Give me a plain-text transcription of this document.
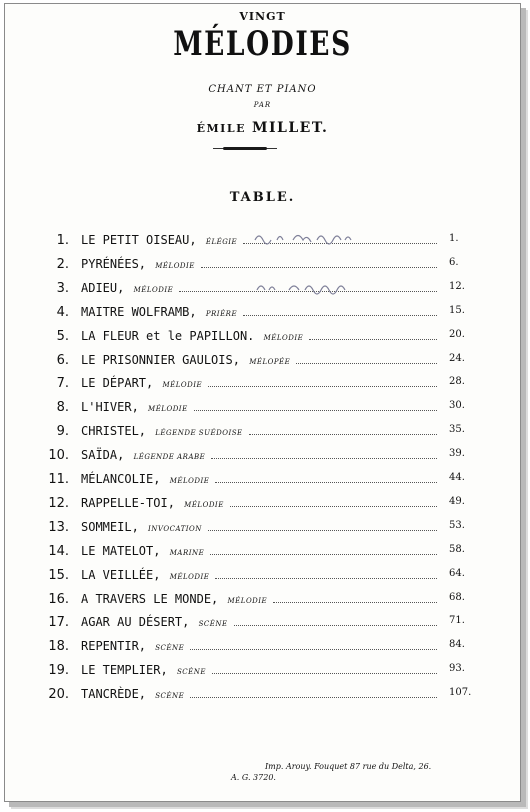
VINGT
MÉLODIES
CHANT ET PIANO
PAR
ÉMILE MILLET.
TABLE.
1. LE PETIT OISEAU, ÉLÉGIE	1.
2. PYRÉNÉES, MÉLODIE	6.
3. ADIEU, MÉLODIE	12.
4. MAITRE WOLFRAMB, PRIÈRE	15.
5. LA FLEUR et le PAPILLON. MÉLODIE	20.
6. LE PRISONNIER GAULOIS, MÉLOPÉE	24.
7. LE DÉPART, MÉLODIE	28.
8. L'HIVER, MÉLODIE	30.
9. CHRISTEL, LÉGENDE SUÉDOISE	35.
10. SAÏDA, LÉGENDE ARABE	39.
11. MÉLANCOLIE, MÉLODIE	44.
12. RAPPELLE-TOI, MÉLODIE	49.
13. SOMMEIL, INVOCATION	53.
14. LE MATELOT, MARINE	58.
15. LA VEILLÉE, MÉLODIE	64.
16. A TRAVERS LE MONDE, MÉLODIE	68.
17. AGAR AU DÉSERT, SCÈNE	71.
18. REPENTIR, SCÈNE	84.
19. LE TEMPLIER, SCÈNE	93.
20. TANCRÈDE, SCÈNE	107.
Imp. Arouy. Fouquet 87 rue du Delta, 26.
A. G. 3720.
